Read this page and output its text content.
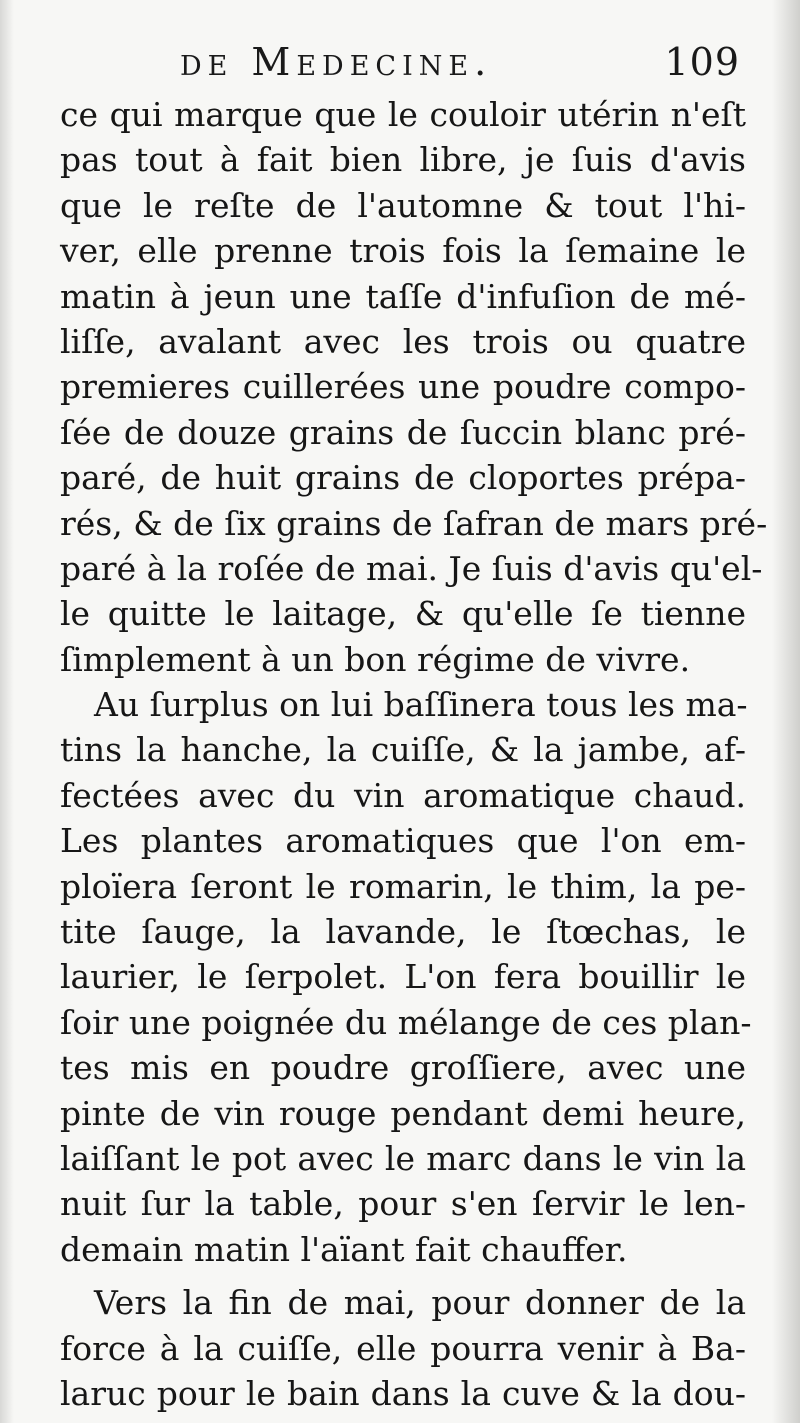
de Medecine.	109
ce qui marque que le couloir utérin n'eſt
pas tout à fait bien libre, je ſuis d'avis
que le reſte de l'automne & tout l'hi-
ver, elle prenne trois fois la ſemaine le
matin à jeun une taſſe d'infuſion de mé-
liſſe, avalant avec les trois ou quatre
premieres cuillerées une poudre compo-
ſée de douze grains de ſuccin blanc pré-
paré, de huit grains de cloportes prépa-
rés, & de ſix grains de ſafran de mars pré-
paré à la roſée de mai. Je ſuis d'avis qu'el-
le quitte le laitage, & qu'elle ſe tienne
ſimplement à un bon régime de vivre.
Au ſurplus on lui baſſinera tous les ma-
tins la hanche, la cuiſſe, & la jambe, af-
fectées avec du vin aromatique chaud.
Les plantes aromatiques que l'on em-
ploïera ſeront le romarin, le thim, la pe-
tite ſauge, la lavande, le ſtœchas, le
laurier, le ſerpolet. L'on fera bouillir le
ſoir une poignée du mélange de ces plan-
tes mis en poudre groſſiere, avec une
pinte de vin rouge pendant demi heure,
laiſſant le pot avec le marc dans le vin la
nuit ſur la table, pour s'en ſervir le len-
demain matin l'aïant fait chauffer.
Vers la fin de mai, pour donner de la
force à la cuiſſe, elle pourra venir à Ba-
laruc pour le bain dans la cuve & la dou-
